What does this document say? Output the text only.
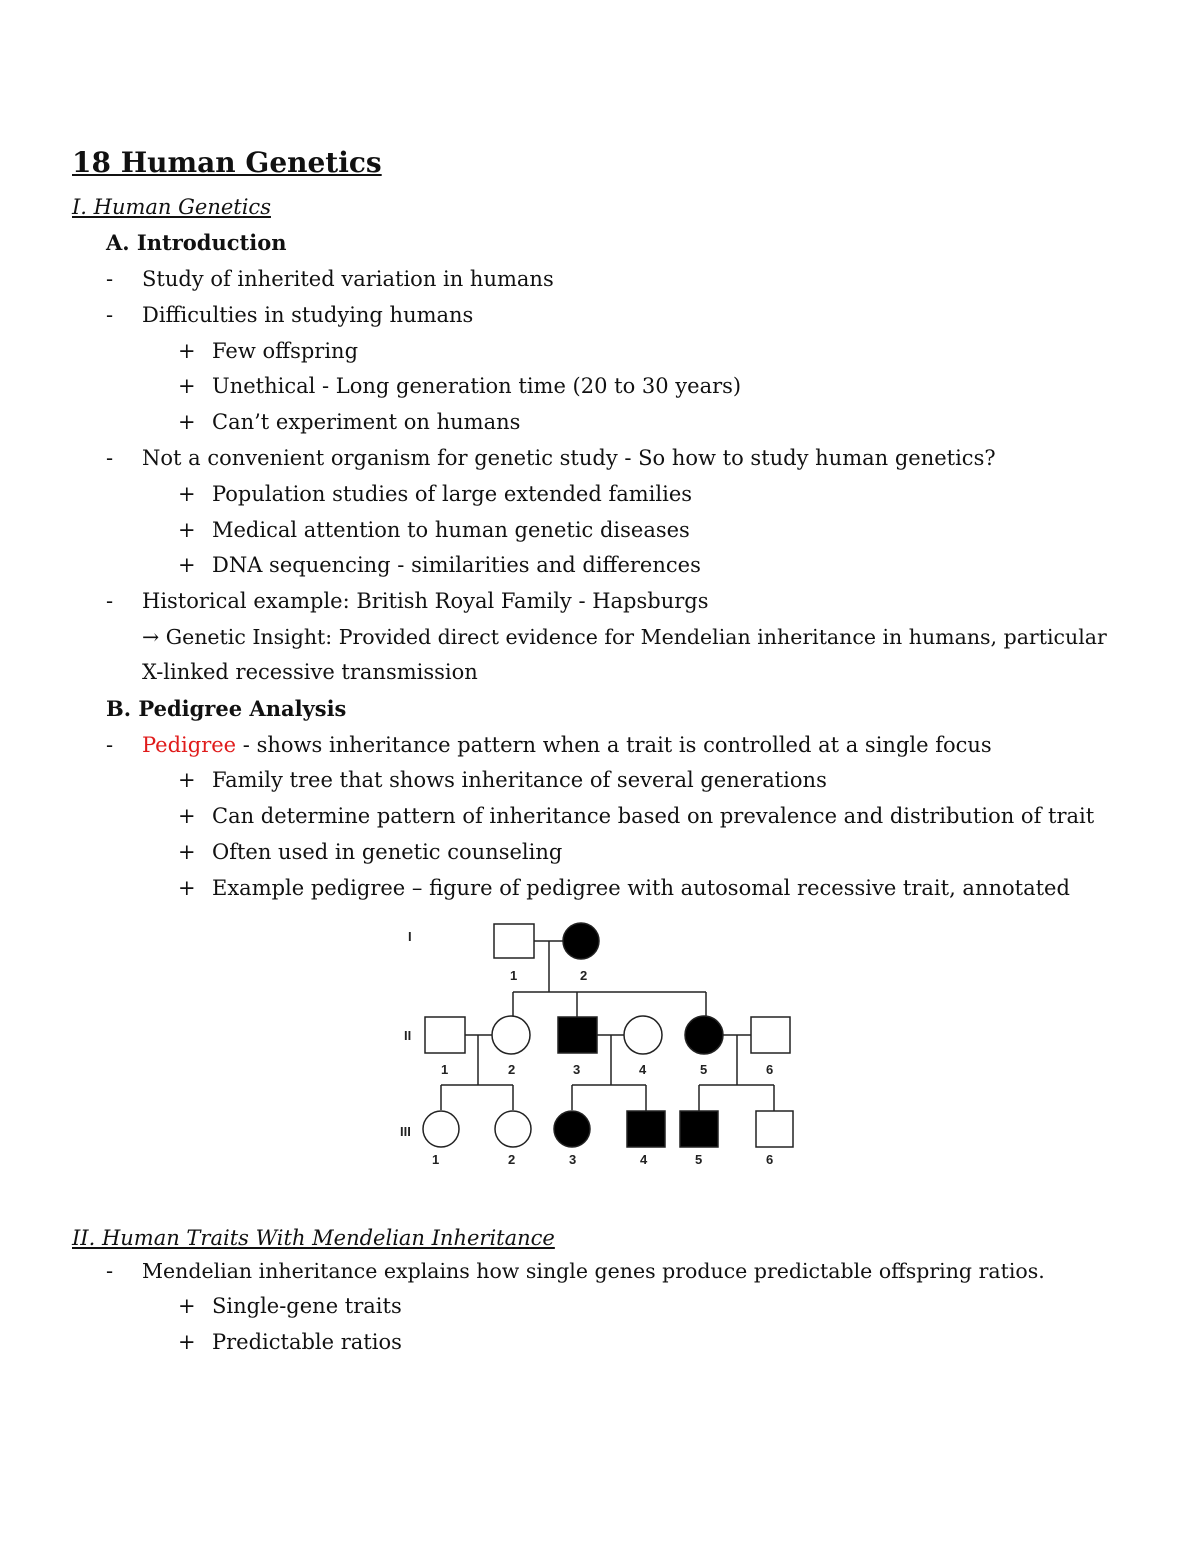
18 Human Genetics
I. Human Genetics
A. Introduction
- Study of inherited variation in humans
- Difficulties in studying humans
+ Few offspring
+ Unethical - Long generation time (20 to 30 years)
+ Can’t experiment on humans
- Not a convenient organism for genetic study - So how to study human genetics?
+ Population studies of large extended families
+ Medical attention to human genetic diseases
+ DNA sequencing - similarities and differences
- Historical example: British Royal Family - Hapsburgs
→ Genetic Insight: Provided direct evidence for Mendelian inheritance in humans, particular
X-linked recessive transmission
B. Pedigree Analysis
- Pedigree - shows inheritance pattern when a trait is controlled at a single focus
+ Family tree that shows inheritance of several generations
+ Can determine pattern of inheritance based on prevalence and distribution of trait
+ Often used in genetic counseling
+ Example pedigree – figure of pedigree with autosomal recessive trait, annotated
I
II
III
1	2
1	2	3	4	5	6
1	2	3	4	5	6
II. Human Traits With Mendelian Inheritance
- Mendelian inheritance explains how single genes produce predictable offspring ratios.
+ Single-gene traits
+ Predictable ratios
